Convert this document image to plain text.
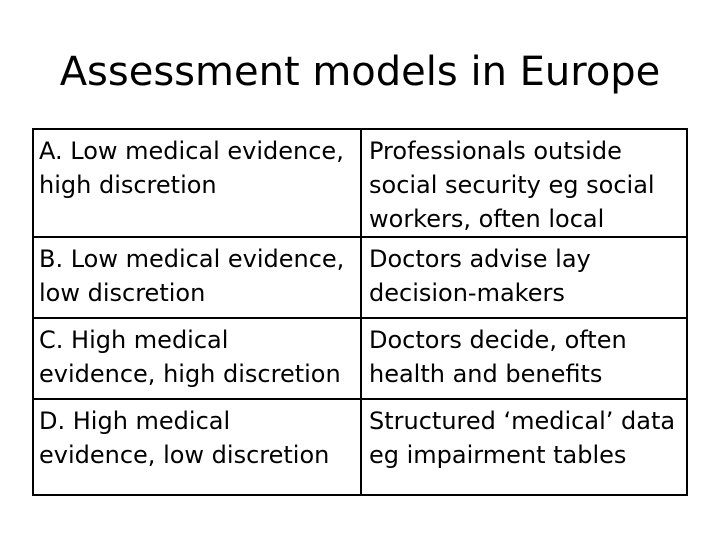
Assessment models in Europe
A. Low medical evidence,
high discretion
Professionals outside
social security eg social
workers, often local
B. Low medical evidence,
low discretion
Doctors advise lay
decision-makers
C. High medical
evidence, high discretion
Doctors decide, often
health and benefits
D. High medical
evidence, low discretion
Structured ‘medical’ data
eg impairment tables
